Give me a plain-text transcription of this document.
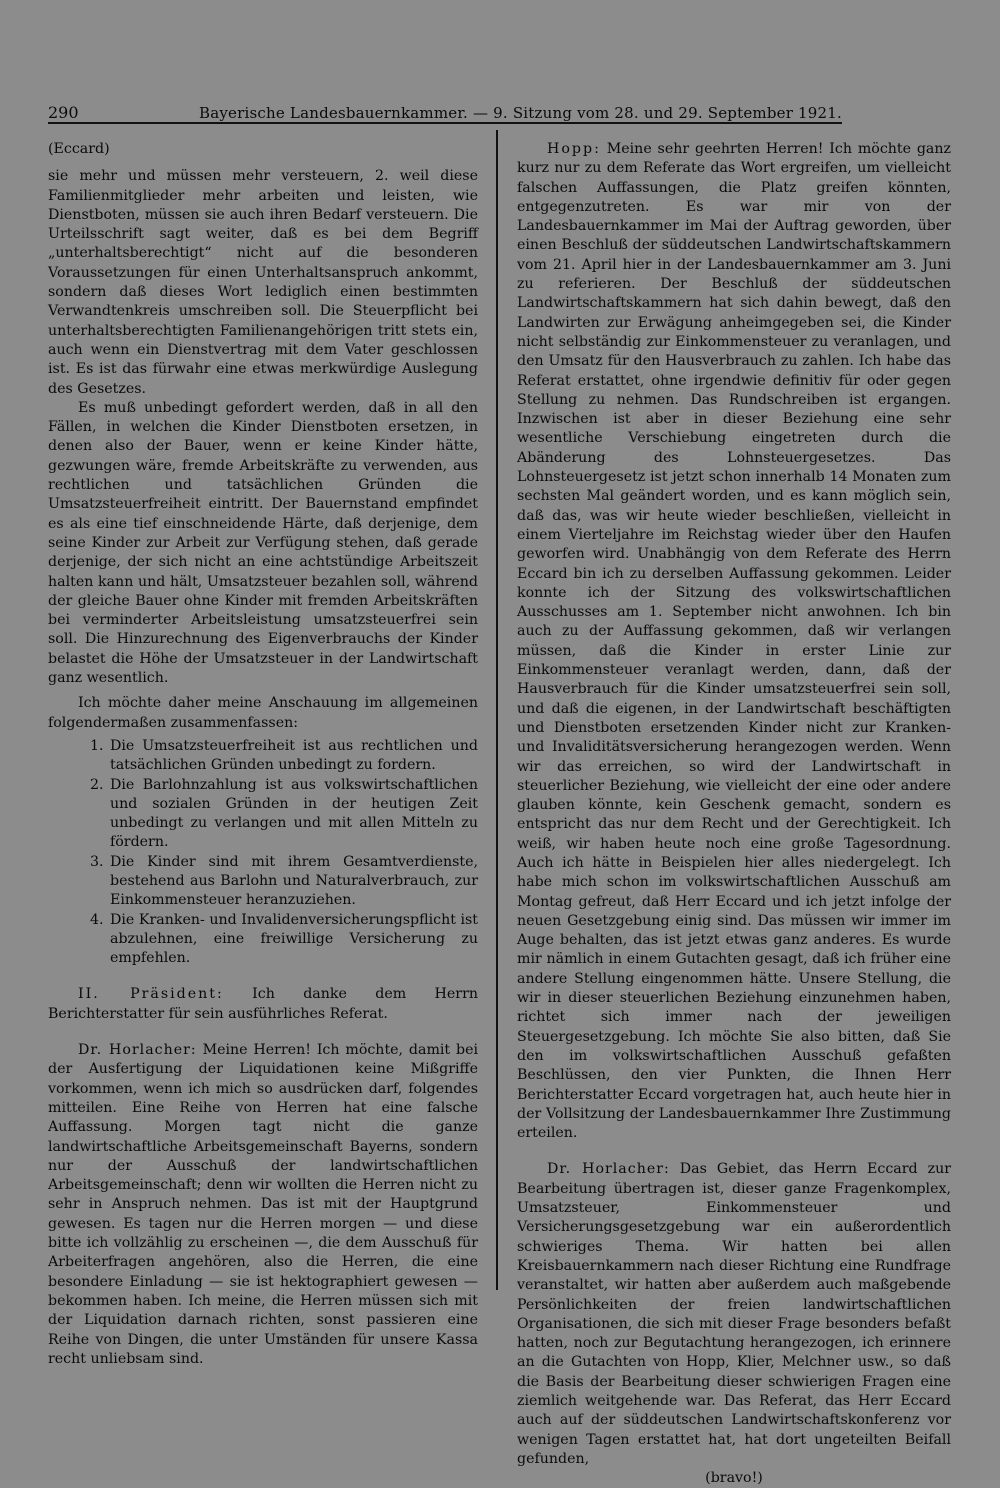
290	Bayerische Landesbauernkammer. — 9. Sitzung vom 28. und 29. September 1921.
(Eccard)

sie mehr und müssen mehr versteuern, 2. weil diese Familienmitglieder mehr arbeiten und leisten, wie Dienstboten, müssen sie auch ihren Bedarf versteuern. Die Urteilsschrift sagt weiter, daß es bei dem Begriff „unterhaltsberechtigt“ nicht auf die besonderen Voraussetzungen für einen Unterhaltsanspruch ankommt, sondern daß dieses Wort lediglich einen bestimmten Verwandtenkreis umschreiben soll. Die Steuerpflicht bei unterhaltsberechtigten Familienangehörigen tritt stets ein, auch wenn ein Dienstvertrag mit dem Vater geschlossen ist. Es ist das fürwahr eine etwas merkwürdige Auslegung des Gesetzes.

Es muß unbedingt gefordert werden, daß in all den Fällen, in welchen die Kinder Dienstboten ersetzen, in denen also der Bauer, wenn er keine Kinder hätte, gezwungen wäre, fremde Arbeitskräfte zu verwenden, aus rechtlichen und tatsächlichen Gründen die Umsatzsteuerfreiheit eintritt. Der Bauernstand empfindet es als eine tief einschneidende Härte, daß derjenige, dem seine Kinder zur Arbeit zur Verfügung stehen, daß gerade derjenige, der sich nicht an eine achtstündige Arbeitszeit halten kann und hält, Umsatzsteuer bezahlen soll, während der gleiche Bauer ohne Kinder mit fremden Arbeitskräften bei verminderter Arbeitsleistung umsatzsteuerfrei sein soll. Die Hinzurechnung des Eigenverbrauchs der Kinder belastet die Höhe der Umsatzsteuer in der Landwirtschaft ganz wesentlich.

Ich möchte daher meine Anschauung im allgemeinen folgendermaßen zusammenfassen:

1. Die Umsatzsteuerfreiheit ist aus rechtlichen und tatsächlichen Gründen unbedingt zu fordern.
2. Die Barlohnzahlung ist aus volkswirtschaftlichen und sozialen Gründen in der heutigen Zeit unbedingt zu verlangen und mit allen Mitteln zu fördern.
3. Die Kinder sind mit ihrem Gesamtverdienste, bestehend aus Barlohn und Naturalverbrauch, zur Einkommensteuer heranzuziehen.
4. Die Kranken- und Invalidenversicherungspflicht ist abzulehnen, eine freiwillige Versicherung zu empfehlen.

II. Präsident: Ich danke dem Herrn Berichterstatter für sein ausführliches Referat.

Dr. Horlacher: Meine Herren! Ich möchte, damit bei der Ausfertigung der Liquidationen keine Mißgriffe vorkommen, wenn ich mich so ausdrücken darf, folgendes mitteilen. Eine Reihe von Herren hat eine falsche Auffassung. Morgen tagt nicht die ganze landwirtschaftliche Arbeitsgemeinschaft Bayerns, sondern nur der Ausschuß der landwirtschaftlichen Arbeitsgemeinschaft; denn wir wollten die Herren nicht zu sehr in Anspruch nehmen. Das ist mit der Hauptgrund gewesen. Es tagen nur die Herren morgen — und diese bitte ich vollzählig zu erscheinen —, die dem Ausschuß für Arbeiterfragen angehören, also die Herren, die eine besondere Einladung — sie ist hektographiert gewesen — bekommen haben. Ich meine, die Herren müssen sich mit der Liquidation darnach richten, sonst passieren eine Reihe von Dingen, die unter Umständen für unsere Kassa recht unliebsam sind.

Hopp: Meine sehr geehrten Herren! Ich möchte ganz kurz nur zu dem Referate das Wort ergreifen, um vielleicht falschen Auffassungen, die Platz greifen könnten, entgegenzutreten. Es war mir von der Landesbauernkammer im Mai der Auftrag geworden, über einen Beschluß der süddeutschen Landwirtschaftskammern vom 21. April hier in der Landesbauernkammer am 3. Juni zu referieren. Der Beschluß der süddeutschen Landwirtschaftskammern hat sich dahin bewegt, daß den Landwirten zur Erwägung anheimgegeben sei, die Kinder nicht selbständig zur Einkommensteuer zu veranlagen, und den Umsatz für den Hausverbrauch zu zahlen. Ich habe das Referat erstattet, ohne irgendwie definitiv für oder gegen Stellung zu nehmen. Das Rundschreiben ist ergangen. Inzwischen ist aber in dieser Beziehung eine sehr wesentliche Verschiebung eingetreten durch die Abänderung des Lohnsteuergesetzes. Das Lohnsteuergesetz ist jetzt schon innerhalb 14 Monaten zum sechsten Mal geändert worden, und es kann möglich sein, daß das, was wir heute wieder beschließen, vielleicht in einem Vierteljahre im Reichstag wieder über den Haufen geworfen wird. Unabhängig von dem Referate des Herrn Eccard bin ich zu derselben Auffassung gekommen. Leider konnte ich der Sitzung des volkswirtschaftlichen Ausschusses am 1. September nicht anwohnen. Ich bin auch zu der Auffassung gekommen, daß wir verlangen müssen, daß die Kinder in erster Linie zur Einkommensteuer veranlagt werden, dann, daß der Hausverbrauch für die Kinder umsatzsteuerfrei sein soll, und daß die eigenen, in der Landwirtschaft beschäftigten und Dienstboten ersetzenden Kinder nicht zur Kranken- und Invaliditätsversicherung herangezogen werden. Wenn wir das erreichen, so wird der Landwirtschaft in steuerlicher Beziehung, wie vielleicht der eine oder andere glauben könnte, kein Geschenk gemacht, sondern es entspricht das nur dem Recht und der Gerechtigkeit. Ich weiß, wir haben heute noch eine große Tagesordnung. Auch ich hätte in Beispielen hier alles niedergelegt. Ich habe mich schon im volkswirtschaftlichen Ausschuß am Montag gefreut, daß Herr Eccard und ich jetzt infolge der neuen Gesetzgebung einig sind. Das müssen wir immer im Auge behalten, das ist jetzt etwas ganz anderes. Es wurde mir nämlich in einem Gutachten gesagt, daß ich früher eine andere Stellung eingenommen hätte. Unsere Stellung, die wir in dieser steuerlichen Beziehung einzunehmen haben, richtet sich immer nach der jeweiligen Steuergesetzgebung. Ich möchte Sie also bitten, daß Sie den im volkswirtschaftlichen Ausschuß gefaßten Beschlüssen, den vier Punkten, die Ihnen Herr Berichterstatter Eccard vorgetragen hat, auch heute hier in der Vollsitzung der Landesbauernkammer Ihre Zustimmung erteilen.

Dr. Horlacher: Das Gebiet, das Herrn Eccard zur Bearbeitung übertragen ist, dieser ganze Fragenkomplex, Umsatzsteuer, Einkommensteuer und Versicherungsgesetzgebung war ein außerordentlich schwieriges Thema. Wir hatten bei allen Kreisbauernkammern nach dieser Richtung eine Rundfrage veranstaltet, wir hatten aber außerdem auch maßgebende Persönlichkeiten der freien landwirtschaftlichen Organisationen, die sich mit dieser Frage besonders befaßt hatten, noch zur Begutachtung herangezogen, ich erinnere an die Gutachten von Hopp, Klier, Melchner usw., so daß die Basis der Bearbeitung dieser schwierigen Fragen eine ziemlich weitgehende war. Das Referat, das Herr Eccard auch auf der süddeutschen Landwirtschaftskonferenz vor wenigen Tagen erstattet hat, hat dort ungeteilten Beifall gefunden,

(bravo!)
